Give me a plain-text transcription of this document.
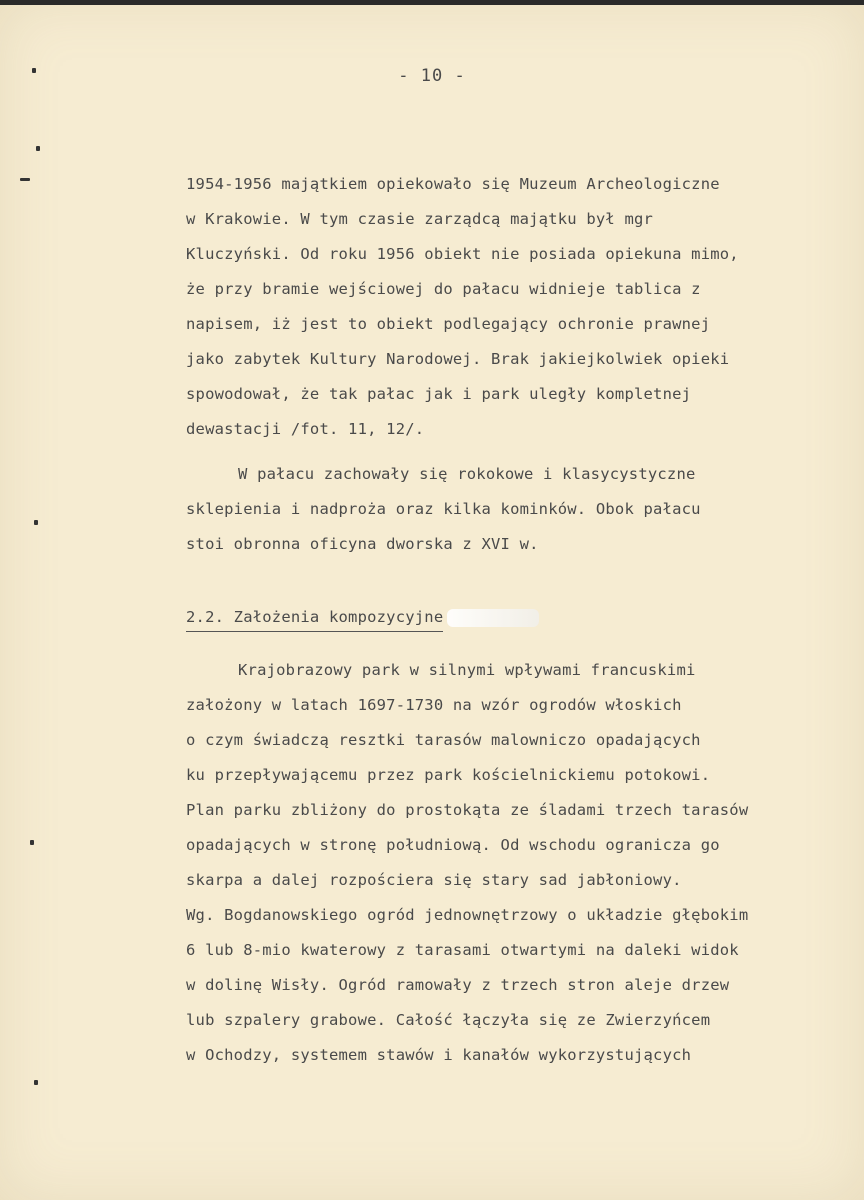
- 10 -
1954-1956 majątkiem opiekowało się Muzeum Archeologiczne
w Krakowie. W tym czasie zarządcą majątku był mgr
Kluczyński. Od roku 1956 obiekt nie posiada opiekuna mimo,
że przy bramie wejściowej do pałacu widnieje tablica z
napisem, iż jest to obiekt podlegający ochronie prawnej
jako zabytek Kultury Narodowej. Brak jakiejkolwiek opieki
spowodował, że tak pałac jak i park uległy kompletnej
dewastacji /fot. 11, 12/.
W pałacu zachowały się rokokowe i klasycystyczne
sklepienia i nadproża oraz kilka kominków. Obok pałacu
stoi obronna oficyna dworska z XVI w.
2.2. Założenia kompozycyjne
Krajobrazowy park w silnymi wpływami francuskimi
założony w latach 1697-1730 na wzór ogrodów włoskich
o czym świadczą resztki tarasów malowniczo opadających
ku przepływającemu przez park kościelnickiemu potokowi.
Plan parku zbliżony do prostokąta ze śladami trzech tarasów
opadających w stronę południową. Od wschodu ogranicza go
skarpa a dalej rozpościera się stary sad jabłoniowy.
Wg. Bogdanowskiego ogród jednownętrzowy o układzie głębokim
6 lub 8-mio kwaterowy z tarasami otwartymi na daleki widok
w dolinę Wisły. Ogród ramowały z trzech stron aleje drzew
lub szpalery grabowe. Całość łączyła się ze Zwierzyńcem
w Ochodzy, systemem stawów i kanałów wykorzystujących
